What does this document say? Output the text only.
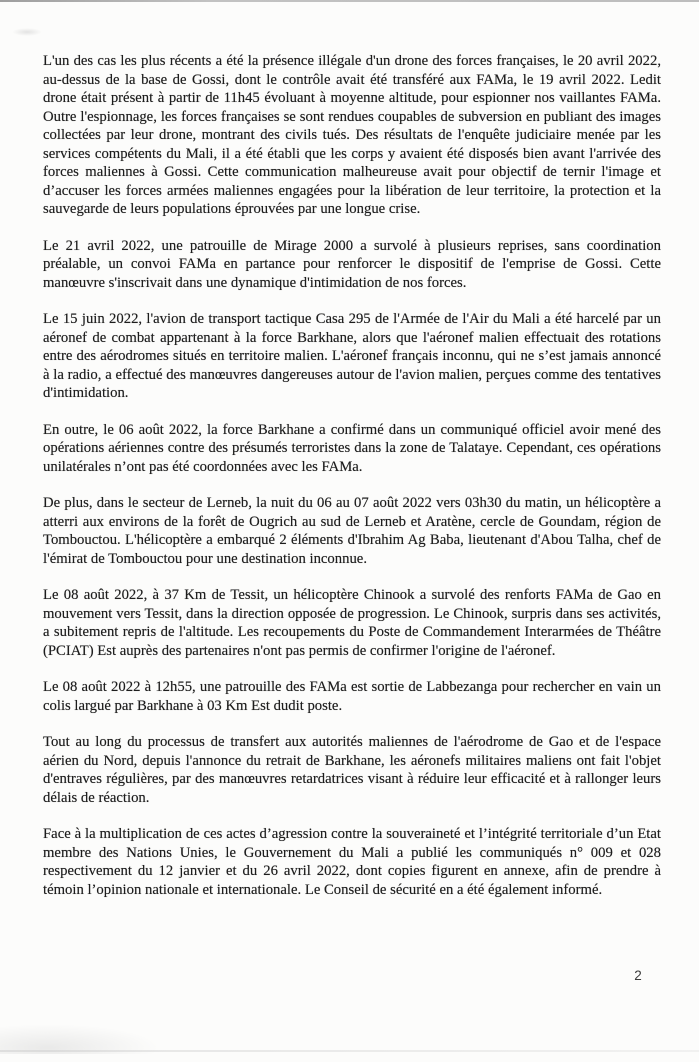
L'un des cas les plus récents a été la présence illégale d'un drone des forces françaises, le 20 avril 2022, au-dessus de la base de Gossi, dont le contrôle avait été transféré aux FAMa, le 19 avril 2022. Ledit drone était présent à partir de 11h45 évoluant à moyenne altitude, pour espionner nos vaillantes FAMa. Outre l'espionnage, les forces françaises se sont rendues coupables de subversion en publiant des images collectées par leur drone, montrant des civils tués. Des résultats de l'enquête judiciaire menée par les services compétents du Mali, il a été établi que les corps y avaient été disposés bien avant l'arrivée des forces maliennes à Gossi. Cette communication malheureuse avait pour objectif de ternir l'image et d’accuser les forces armées maliennes engagées pour la libération de leur territoire, la protection et la sauvegarde de leurs populations éprouvées par une longue crise.

Le 21 avril 2022, une patrouille de Mirage 2000 a survolé à plusieurs reprises, sans coordination préalable, un convoi FAMa en partance pour renforcer le dispositif de l'emprise de Gossi. Cette manœuvre s'inscrivait dans une dynamique d'intimidation de nos forces.

Le 15 juin 2022, l'avion de transport tactique Casa 295 de l'Armée de l'Air du Mali a été harcelé par un aéronef de combat appartenant à la force Barkhane, alors que l'aéronef malien effectuait des rotations entre des aérodromes situés en territoire malien. L'aéronef français inconnu, qui ne s’est jamais annoncé à la radio, a effectué des manœuvres dangereuses autour de l'avion malien, perçues comme des tentatives d'intimidation.

En outre, le 06 août 2022, la force Barkhane a confirmé dans un communiqué officiel avoir mené des opérations aériennes contre des présumés terroristes dans la zone de Talataye. Cependant, ces opérations unilatérales n’ont pas été coordonnées avec les FAMa.

De plus, dans le secteur de Lerneb, la nuit du 06 au 07 août 2022 vers 03h30 du matin, un hélicoptère a atterri aux environs de la forêt de Ougrich au sud de Lerneb et Aratène, cercle de Goundam, région de Tombouctou. L'hélicoptère a embarqué 2 éléments d'Ibrahim Ag Baba, lieutenant d'Abou Talha, chef de l'émirat de Tombouctou pour une destination inconnue.

Le 08 août 2022, à 37 Km de Tessit, un hélicoptère Chinook a survolé des renforts FAMa de Gao en mouvement vers Tessit, dans la direction opposée de progression. Le Chinook, surpris dans ses activités, a subitement repris de l'altitude. Les recoupements du Poste de Commandement Interarmées de Théâtre (PCIAT) Est auprès des partenaires n'ont pas permis de confirmer l'origine de l'aéronef.

Le 08 août 2022 à 12h55, une patrouille des FAMa est sortie de Labbezanga pour rechercher en vain un colis largué par Barkhane à 03 Km Est dudit poste.

Tout au long du processus de transfert aux autorités maliennes de l'aérodrome de Gao et de l'espace aérien du Nord, depuis l'annonce du retrait de Barkhane, les aéronefs militaires maliens ont fait l'objet d'entraves régulières, par des manœuvres retardatrices visant à réduire leur efficacité et à rallonger leurs délais de réaction.

Face à la multiplication de ces actes d’agression contre la souveraineté et l’intégrité territoriale d’un Etat membre des Nations Unies, le Gouvernement du Mali a publié les communiqués n° 009 et 028 respectivement du 12 janvier et du 26 avril 2022, dont copies figurent en annexe, afin de prendre à témoin l’opinion nationale et internationale. Le Conseil de sécurité en a été également informé.

2
